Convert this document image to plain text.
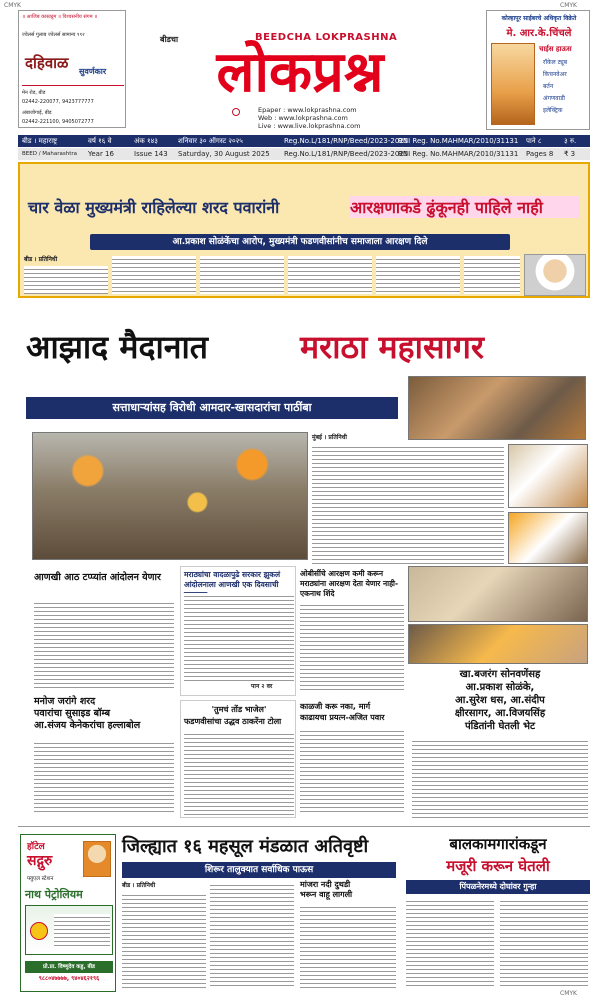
CMYK	CMYK
CMYK
॥ आजिब कास्ट्यूम ॥ विश्वसनीय संगम ॥
ज्वेलर्स गुलाब ज्वेलर्स सामान्य ९९२
दहिवाळ सुवर्णकार
मेन रोड, बीड
02442-220077, 9423777777
अंबाजोगाई, बीड
02442-221100, 9405072777
बीडचा	BEEDCHA LOKPRASHNA
लोकप्रश्न
Epaper : www.lokprashna.com
Web : www.lokprashna.com
Live : www.live.lokprashna.com
कोल्हापूर साईबरचे अधिकृत विक्रेते
मे. आर.के.चिंचले
चाईस हाऊस
रॉकेल ट्यूब
किचनवेअर
बर्तन
अंगणवाडी
इलेक्ट्रिक
बीड । महाराष्ट्र	वर्ष १६ वे	अंक १४३	शनिवार ३० ऑगस्ट २०२५	Reg.No.L/181/RNP/Beed/2023-2025
RNI Reg. No.MAHMAR/2010/31131 पाने ८	३ रु.
BEED / Maharashtra Year 16	Issue 143 Saturday, 30 August 2025 Reg.No.L/181/RNP/Beed/2023-2025
RNI Reg. No.MAHMAR/2010/31131 Pages 8 ₹ 3
चार वेळा मुख्यमंत्री राहिलेल्या शरद पवारांनी	आरक्षणाकडे ढुंकूनही पाहिले नाही
आ.प्रकाश सोळंकेंचा आरोप, मुख्यमंत्री फडणवीसांनीच समाजाला आरक्षण दिले
बीड । प्रतिनिधी
आझाद मैदानात	मराठा महासागर
सत्ताधाऱ्यांसह विरोधी आमदार-खासदारांचा पाठींबा
मुंबई । प्रतिनिधी
आणखी आठ टप्प्यांत आंदोलन येणार	मराठ्यांचा वादळापुढे सरकार झुकलं आंदोलनाला आणखी एक दिवसाची
पान २ वर
ओबीसींचे आरक्षण कमी करून मराठ्यांना आरक्षण देता येणार नाही-एकनाथ शिंदे
खा.बजरंग सोनवणेंसह
आ.प्रकाश सोळंके,
आ.सुरेश धस, आ.संदीप
क्षीरसागर, आ.विजयसिंह
पंडितांनी घेतली भेट
मनोज जरांगे शरद
पवारांचा सुसाइड बॉम्ब
आ.संजय केनेकरांचा हल्लाबोल
'तुमचं तोंड भाजेल'
फडणवीसांचा उद्धव ठाकरेंना टोला
काळजी करू नका, मार्ग
काढायचा प्रयत्न-अजित पवार
हॉटेल
सद्गुरु
फ्युएल स्टेशन
नाथ पेट्रोलियम
प्रो.प्रा. विष्णुदेव कडु, बीड
९८८०४७७७७, ९४०४६२१९६
जिल्ह्यात १६ महसूल मंडळात अतिवृष्टी
शिरूर तालुक्यात सर्वाधिक पाऊस
बीड । प्रतिनिधी	मांजरा नदी दुथडी
भरून वाहू लागली
बालकामगारांकडून
मजूरी करून घेतली
पिंपळनेरमध्ये दोघांवर गुन्हा
